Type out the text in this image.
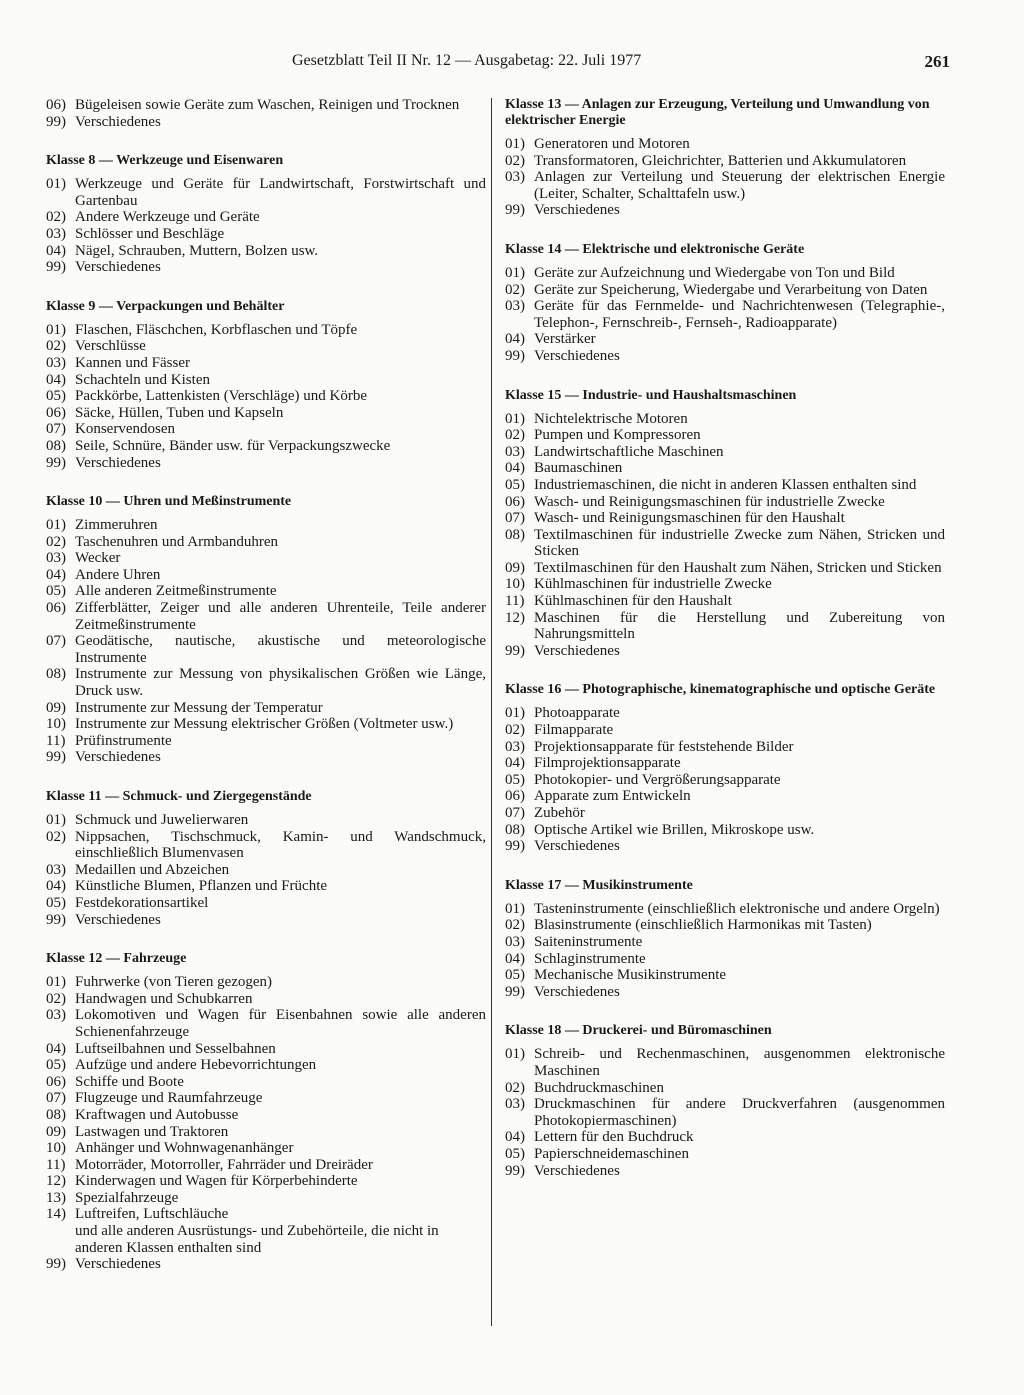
Gesetzblatt Teil II Nr. 12 — Ausgabetag: 22. Juli 1977	261
06) Bügeleisen sowie Geräte zum Waschen, Reinigen und Trocknen
99) Verschiedenes
Klasse 8 — Werkzeuge und Eisenwaren
01) Werkzeuge und Geräte für Landwirtschaft, Forstwirtschaft und Gartenbau
02) Andere Werkzeuge und Geräte
03) Schlösser und Beschläge
04) Nägel, Schrauben, Muttern, Bolzen usw.
99) Verschiedenes
Klasse 9 — Verpackungen und Behälter
01) Flaschen, Fläschchen, Korbflaschen und Töpfe
02) Verschlüsse
03) Kannen und Fässer
04) Schachteln und Kisten
05) Packkörbe, Lattenkisten (Verschläge) und Körbe
06) Säcke, Hüllen, Tuben und Kapseln
07) Konservendosen
08) Seile, Schnüre, Bänder usw. für Verpackungszwecke
99) Verschiedenes
Klasse 10 — Uhren und Meßinstrumente
01) Zimmeruhren
02) Taschenuhren und Armbanduhren
03) Wecker
04) Andere Uhren
05) Alle anderen Zeitmeßinstrumente
06) Zifferblätter, Zeiger und alle anderen Uhrenteile, Teile anderer Zeitmeßinstrumente
07) Geodätische, nautische, akustische und meteorologische Instrumente
08) Instrumente zur Messung von physikalischen Größen wie Länge, Druck usw.
09) Instrumente zur Messung der Temperatur
10) Instrumente zur Messung elektrischer Größen (Voltmeter usw.)
11) Prüfinstrumente
99) Verschiedenes
Klasse 11 — Schmuck- und Ziergegenstände
01) Schmuck und Juwelierwaren
02) Nippsachen, Tischschmuck, Kamin- und Wandschmuck, einschließlich Blumenvasen
03) Medaillen und Abzeichen
04) Künstliche Blumen, Pflanzen und Früchte
05) Festdekorationsartikel
99) Verschiedenes
Klasse 12 — Fahrzeuge
01) Fuhrwerke (von Tieren gezogen)
02) Handwagen und Schubkarren
03) Lokomotiven und Wagen für Eisenbahnen sowie alle anderen Schienenfahrzeuge
04) Luftseilbahnen und Sesselbahnen
05) Aufzüge und andere Hebevorrichtungen
06) Schiffe und Boote
07) Flugzeuge und Raumfahrzeuge
08) Kraftwagen und Autobusse
09) Lastwagen und Traktoren
10) Anhänger und Wohnwagenanhänger
11) Motorräder, Motorroller, Fahrräder und Dreiräder
12) Kinderwagen und Wagen für Körperbehinderte
13) Spezialfahrzeuge
14) Luftreifen, Luftschläuche
und alle anderen Ausrüstungs- und Zubehörteile, die nicht in anderen Klassen enthalten sind
99) Verschiedenes
Klasse 13 — Anlagen zur Erzeugung, Verteilung und Umwandlung von elektrischer Energie
01) Generatoren und Motoren
02) Transformatoren, Gleichrichter, Batterien und Akkumulatoren
03) Anlagen zur Verteilung und Steuerung der elektrischen Energie (Leiter, Schalter, Schalttafeln usw.)
99) Verschiedenes
Klasse 14 — Elektrische und elektronische Geräte
01) Geräte zur Aufzeichnung und Wiedergabe von Ton und Bild
02) Geräte zur Speicherung, Wiedergabe und Verarbeitung von Daten
03) Geräte für das Fernmelde- und Nachrichtenwesen (Telegraphie-, Telephon-, Fernschreib-, Fernseh-, Radioapparate)
04) Verstärker
99) Verschiedenes
Klasse 15 — Industrie- und Haushaltsmaschinen
01) Nichtelektrische Motoren
02) Pumpen und Kompressoren
03) Landwirtschaftliche Maschinen
04) Baumaschinen
05) Industriemaschinen, die nicht in anderen Klassen enthalten sind
06) Wasch- und Reinigungsmaschinen für industrielle Zwecke
07) Wasch- und Reinigungsmaschinen für den Haushalt
08) Textilmaschinen für industrielle Zwecke zum Nähen, Stricken und Sticken
09) Textilmaschinen für den Haushalt zum Nähen, Stricken und Sticken
10) Kühlmaschinen für industrielle Zwecke
11) Kühlmaschinen für den Haushalt
12) Maschinen für die Herstellung und Zubereitung von Nahrungsmitteln
99) Verschiedenes
Klasse 16 — Photographische, kinematographische und optische Geräte
01) Photoapparate
02) Filmapparate
03) Projektionsapparate für feststehende Bilder
04) Filmprojektionsapparate
05) Photokopier- und Vergrößerungsapparate
06) Apparate zum Entwickeln
07) Zubehör
08) Optische Artikel wie Brillen, Mikroskope usw.
99) Verschiedenes
Klasse 17 — Musikinstrumente
01) Tasteninstrumente (einschließlich elektronische und andere Orgeln)
02) Blasinstrumente (einschließlich Harmonikas mit Tasten)
03) Saiteninstrumente
04) Schlaginstrumente
05) Mechanische Musikinstrumente
99) Verschiedenes
Klasse 18 — Druckerei- und Büromaschinen
01) Schreib- und Rechenmaschinen, ausgenommen elektronische Maschinen
02) Buchdruckmaschinen
03) Druckmaschinen für andere Druckverfahren (ausgenommen Photokopiermaschinen)
04) Lettern für den Buchdruck
05) Papierschneidemaschinen
99) Verschiedenes
